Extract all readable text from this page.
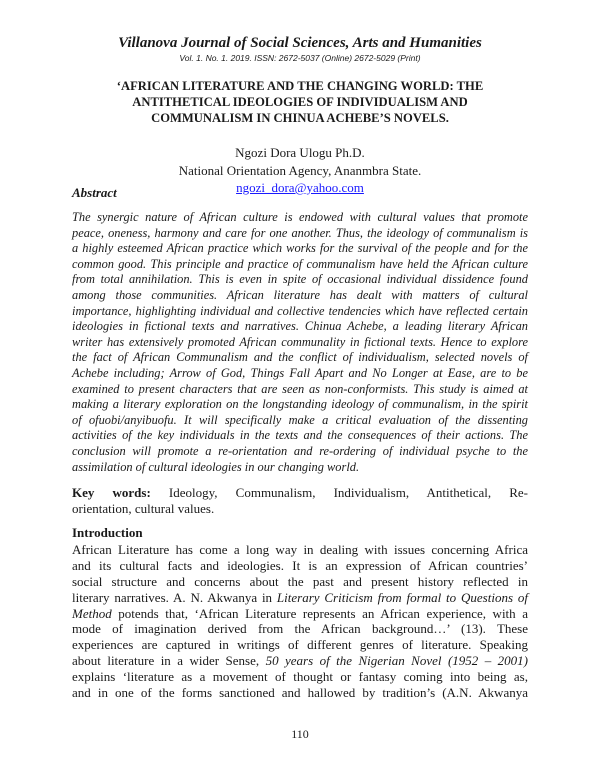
Villanova Journal of Social Sciences, Arts and Humanities
Vol. 1. No. 1. 2019. ISSN: 2672-5037 (Online) 2672-5029 (Print)
‘AFRICAN LITERATURE AND THE CHANGING WORLD: THE
ANTITHETICAL IDEOLOGIES OF INDIVIDUALISM AND
COMMUNALISM IN CHINUA ACHEBE’S NOVELS.
Ngozi Dora Ulogu Ph.D.
National Orientation Agency, Ananmbra State.
ngozi_dora@yahoo.com
Abstract
The synergic nature of African culture is endowed with cultural values that promote
peace, oneness, harmony and care for one another. Thus, the ideology of communalism is
a highly esteemed African practice which works for the survival of the people and for the
common good. This principle and practice of communalism have held the African culture
from total annihilation. This is even in spite of occasional individual dissidence found
among those communities. African literature has dealt with matters of cultural
importance, highlighting individual and collective tendencies which have reflected certain
ideologies in fictional texts and narratives. Chinua Achebe, a leading literary African
writer has extensively promoted African communality in fictional texts. Hence to explore
the fact of African Communalism and the conflict of individualism, selected novels of
Achebe including; Arrow of God, Things Fall Apart and No Longer at Ease, are to be
examined to present characters that are seen as non-conformists. This study is aimed at
making a literary exploration on the longstanding ideology of communalism, in the spirit
of ofuobi/anyibuofu. It will specifically make a critical evaluation of the dissenting
activities of the key individuals in the texts and the consequences of their actions. The
conclusion will promote a re-orientation and re-ordering of individual psyche to the
assimilation of cultural ideologies in our changing world.
Key words: Ideology, Communalism, Individualism, Antithetical, Re-
orientation, cultural values.
Introduction
African Literature has come a long way in dealing with issues concerning Africa
and its cultural facts and ideologies. It is an expression of African countries’
social structure and concerns about the past and present history reflected in
literary narratives. A. N. Akwanya in Literary Criticism from formal to Questions of
Method potends that, ‘African Literature represents an African experience, with a
mode of imagination derived from the African background…’ (13). These
experiences are captured in writings of different genres of literature. Speaking
about literature in a wider Sense, 50 years of the Nigerian Novel (1952 – 2001)
explains ‘literature as a movement of thought or fantasy coming into being as,
and in one of the forms sanctioned and hallowed by tradition’s (A.N. Akwanya
110
